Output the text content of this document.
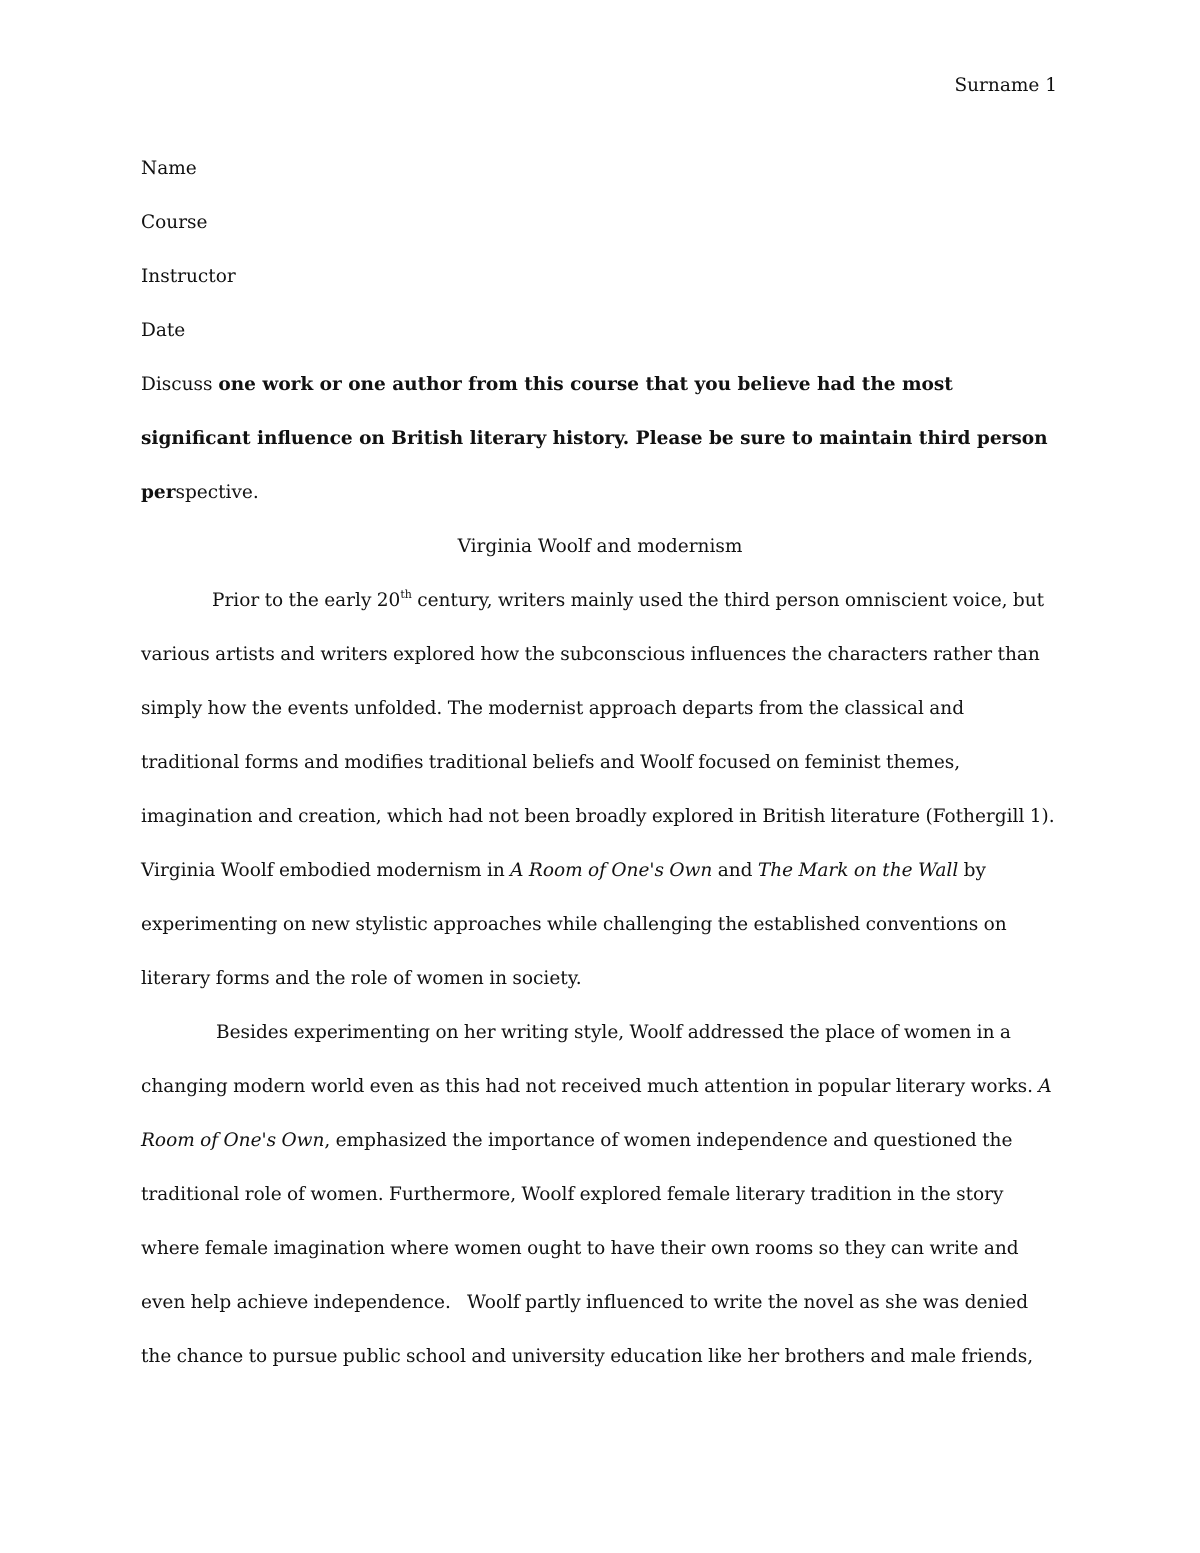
Surname 1

Name

Course

Instructor

Date

Discuss one work or one author from this course that you believe had the most significant influence on British literary history. Please be sure to maintain third person perspective.

Virginia Woolf and modernism

Prior to the early 20th century, writers mainly used the third person omniscient voice, but various artists and writers explored how the subconscious influences the characters rather than simply how the events unfolded. The modernist approach departs from the classical and traditional forms and modifies traditional beliefs and Woolf focused on feminist themes, imagination and creation, which had not been broadly explored in British literature (Fothergill 1). Virginia Woolf embodied modernism in A Room of One's Own and The Mark on the Wall by experimenting on new stylistic approaches while challenging the established conventions on literary forms and the role of women in society.

Besides experimenting on her writing style, Woolf addressed the place of women in a changing modern world even as this had not received much attention in popular literary works. A Room of One's Own, emphasized the importance of women independence and questioned the traditional role of women. Furthermore, Woolf explored female literary tradition in the story where female imagination where women ought to have their own rooms so they can write and even help achieve independence.   Woolf partly influenced to write the novel as she was denied the chance to pursue public school and university education like her brothers and male friends,
